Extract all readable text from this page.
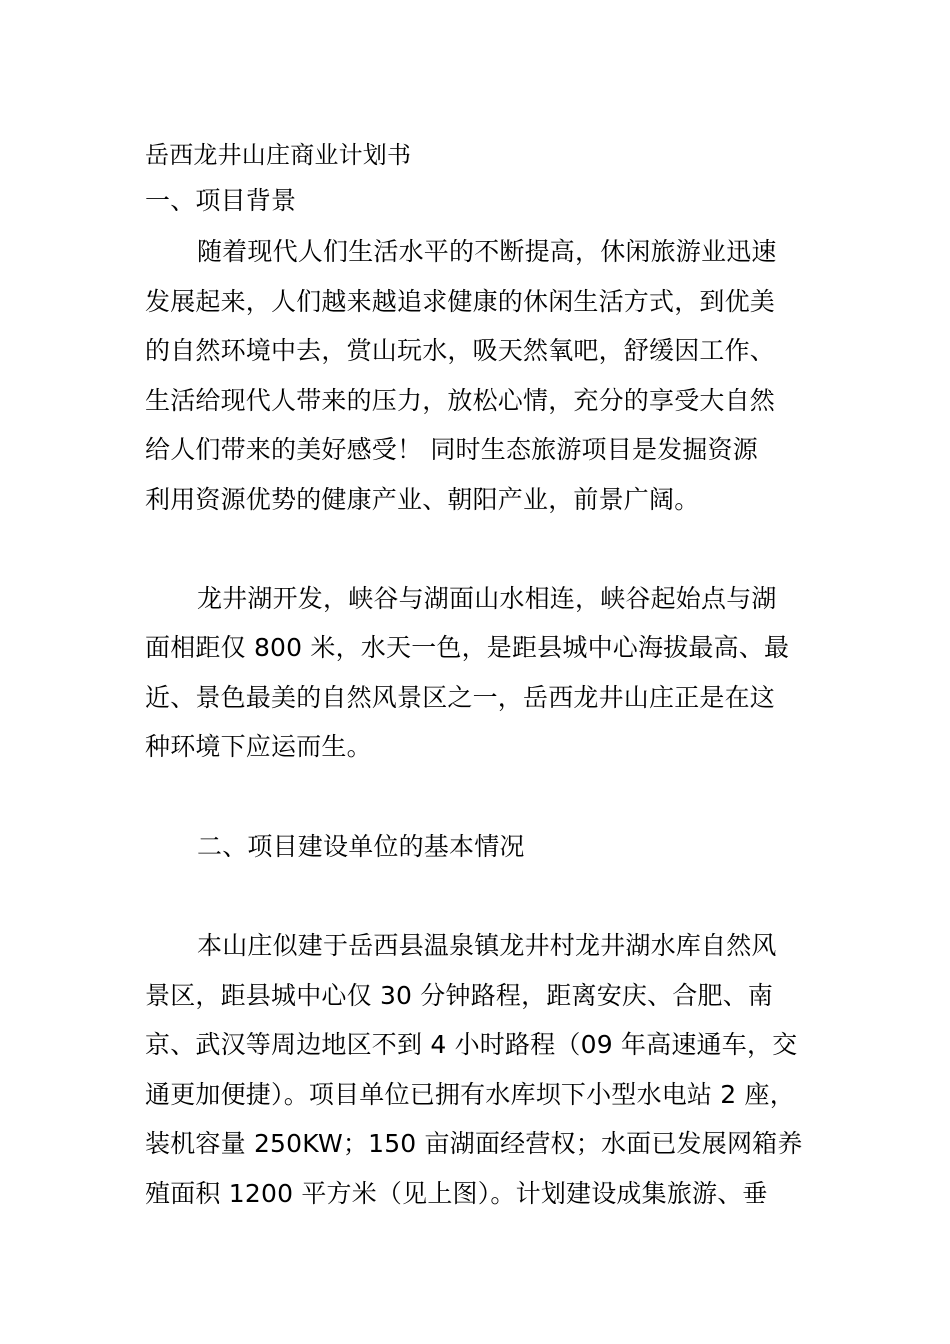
岳西龙井山庄商业计划书
一、项目背景
随着现代人们生活水平的不断提高，休闲旅游业迅速
发展起来，人们越来越追求健康的休闲生活方式，到优美
的自然环境中去，赏山玩水，吸天然氧吧，舒缓因工作、
生活给现代人带来的压力，放松心情，充分的享受大自然
给人们带来的美好感受！ 同时生态旅游项目是发掘资源
利用资源优势的健康产业、朝阳产业，前景广阔。
龙井湖开发，峡谷与湖面山水相连，峡谷起始点与湖
面相距仅 800 米，水天一色，是距县城中心海拔最高、最
近、景色最美的自然风景区之一，岳西龙井山庄正是在这
种环境下应运而生。
二、项目建设单位的基本情况
本山庄似建于岳西县温泉镇龙井村龙井湖水库自然风
景区，距县城中心仅 30 分钟路程，距离安庆、合肥、南
京、武汉等周边地区不到 4 小时路程（09 年高速通车，交
通更加便捷）。项目单位已拥有水库坝下小型水电站 2 座，
装机容量 250KW；150 亩湖面经营权；水面已发展网箱养
殖面积 1200 平方米（见上图）。计划建设成集旅游、垂
